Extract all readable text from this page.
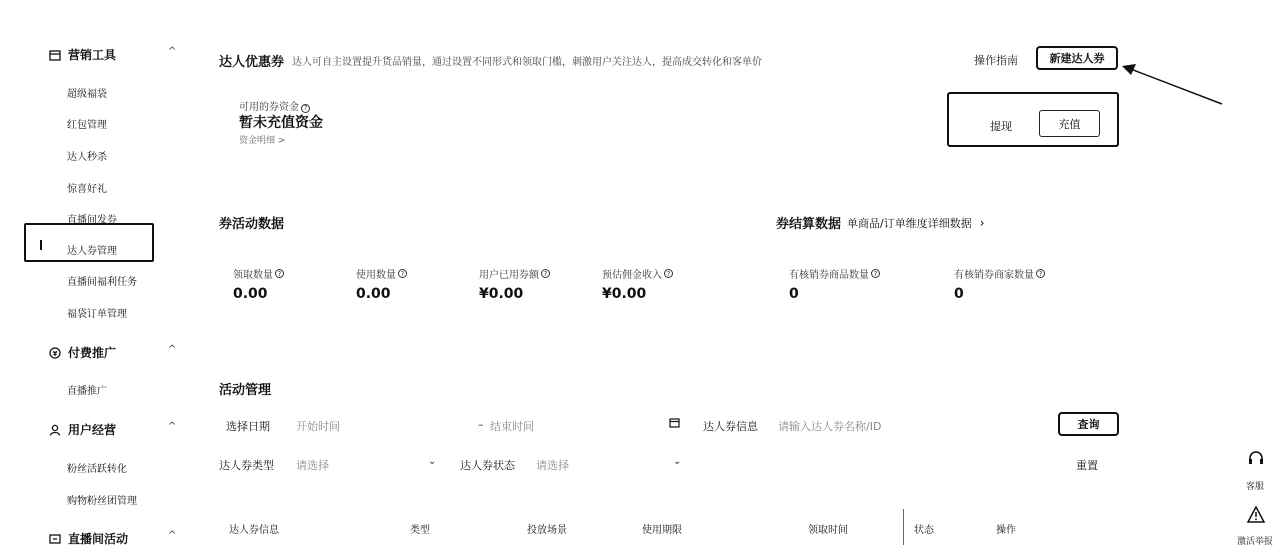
营销工具	^
超级福袋
红包管理
达人秒杀
惊喜好礼
直播间发券
达人券管理
直播间福利任务
福袋订单管理
¥ 付费推广	^
直播推广
用户经营	^
粉丝活跃转化
购物粉丝团管理
直播间活动	^
达人优惠券 达人可自主设置提升货品销量，通过设置不同形式和领取门槛，刺激用户关注达人，提高成交转化和客单价	操作指南	新建达人券
可用的券资金 ?
暂未充值资金
资金明细 >
提现	充值
券活动数据
领取数量 ?
0.00
使用数量 ?
0.00
用户已用券额 ?
¥0.00
预估佣金收入 ?
¥0.00
券结算数据 单商品/订单维度详细数据 ›
有核销券商品数量 ?
0
有核销券商家数量 ?
0
活动管理
选择日期 开始时间	– 结束时间	达人券信息 请输入达人券名称/ID	查询
达人券类型 请选择	⌄ 达人券状态 请选择	⌄	重置
达人券信息	类型	投放场景	使用期限	领取时间	状态	操作
客服
激活举报
